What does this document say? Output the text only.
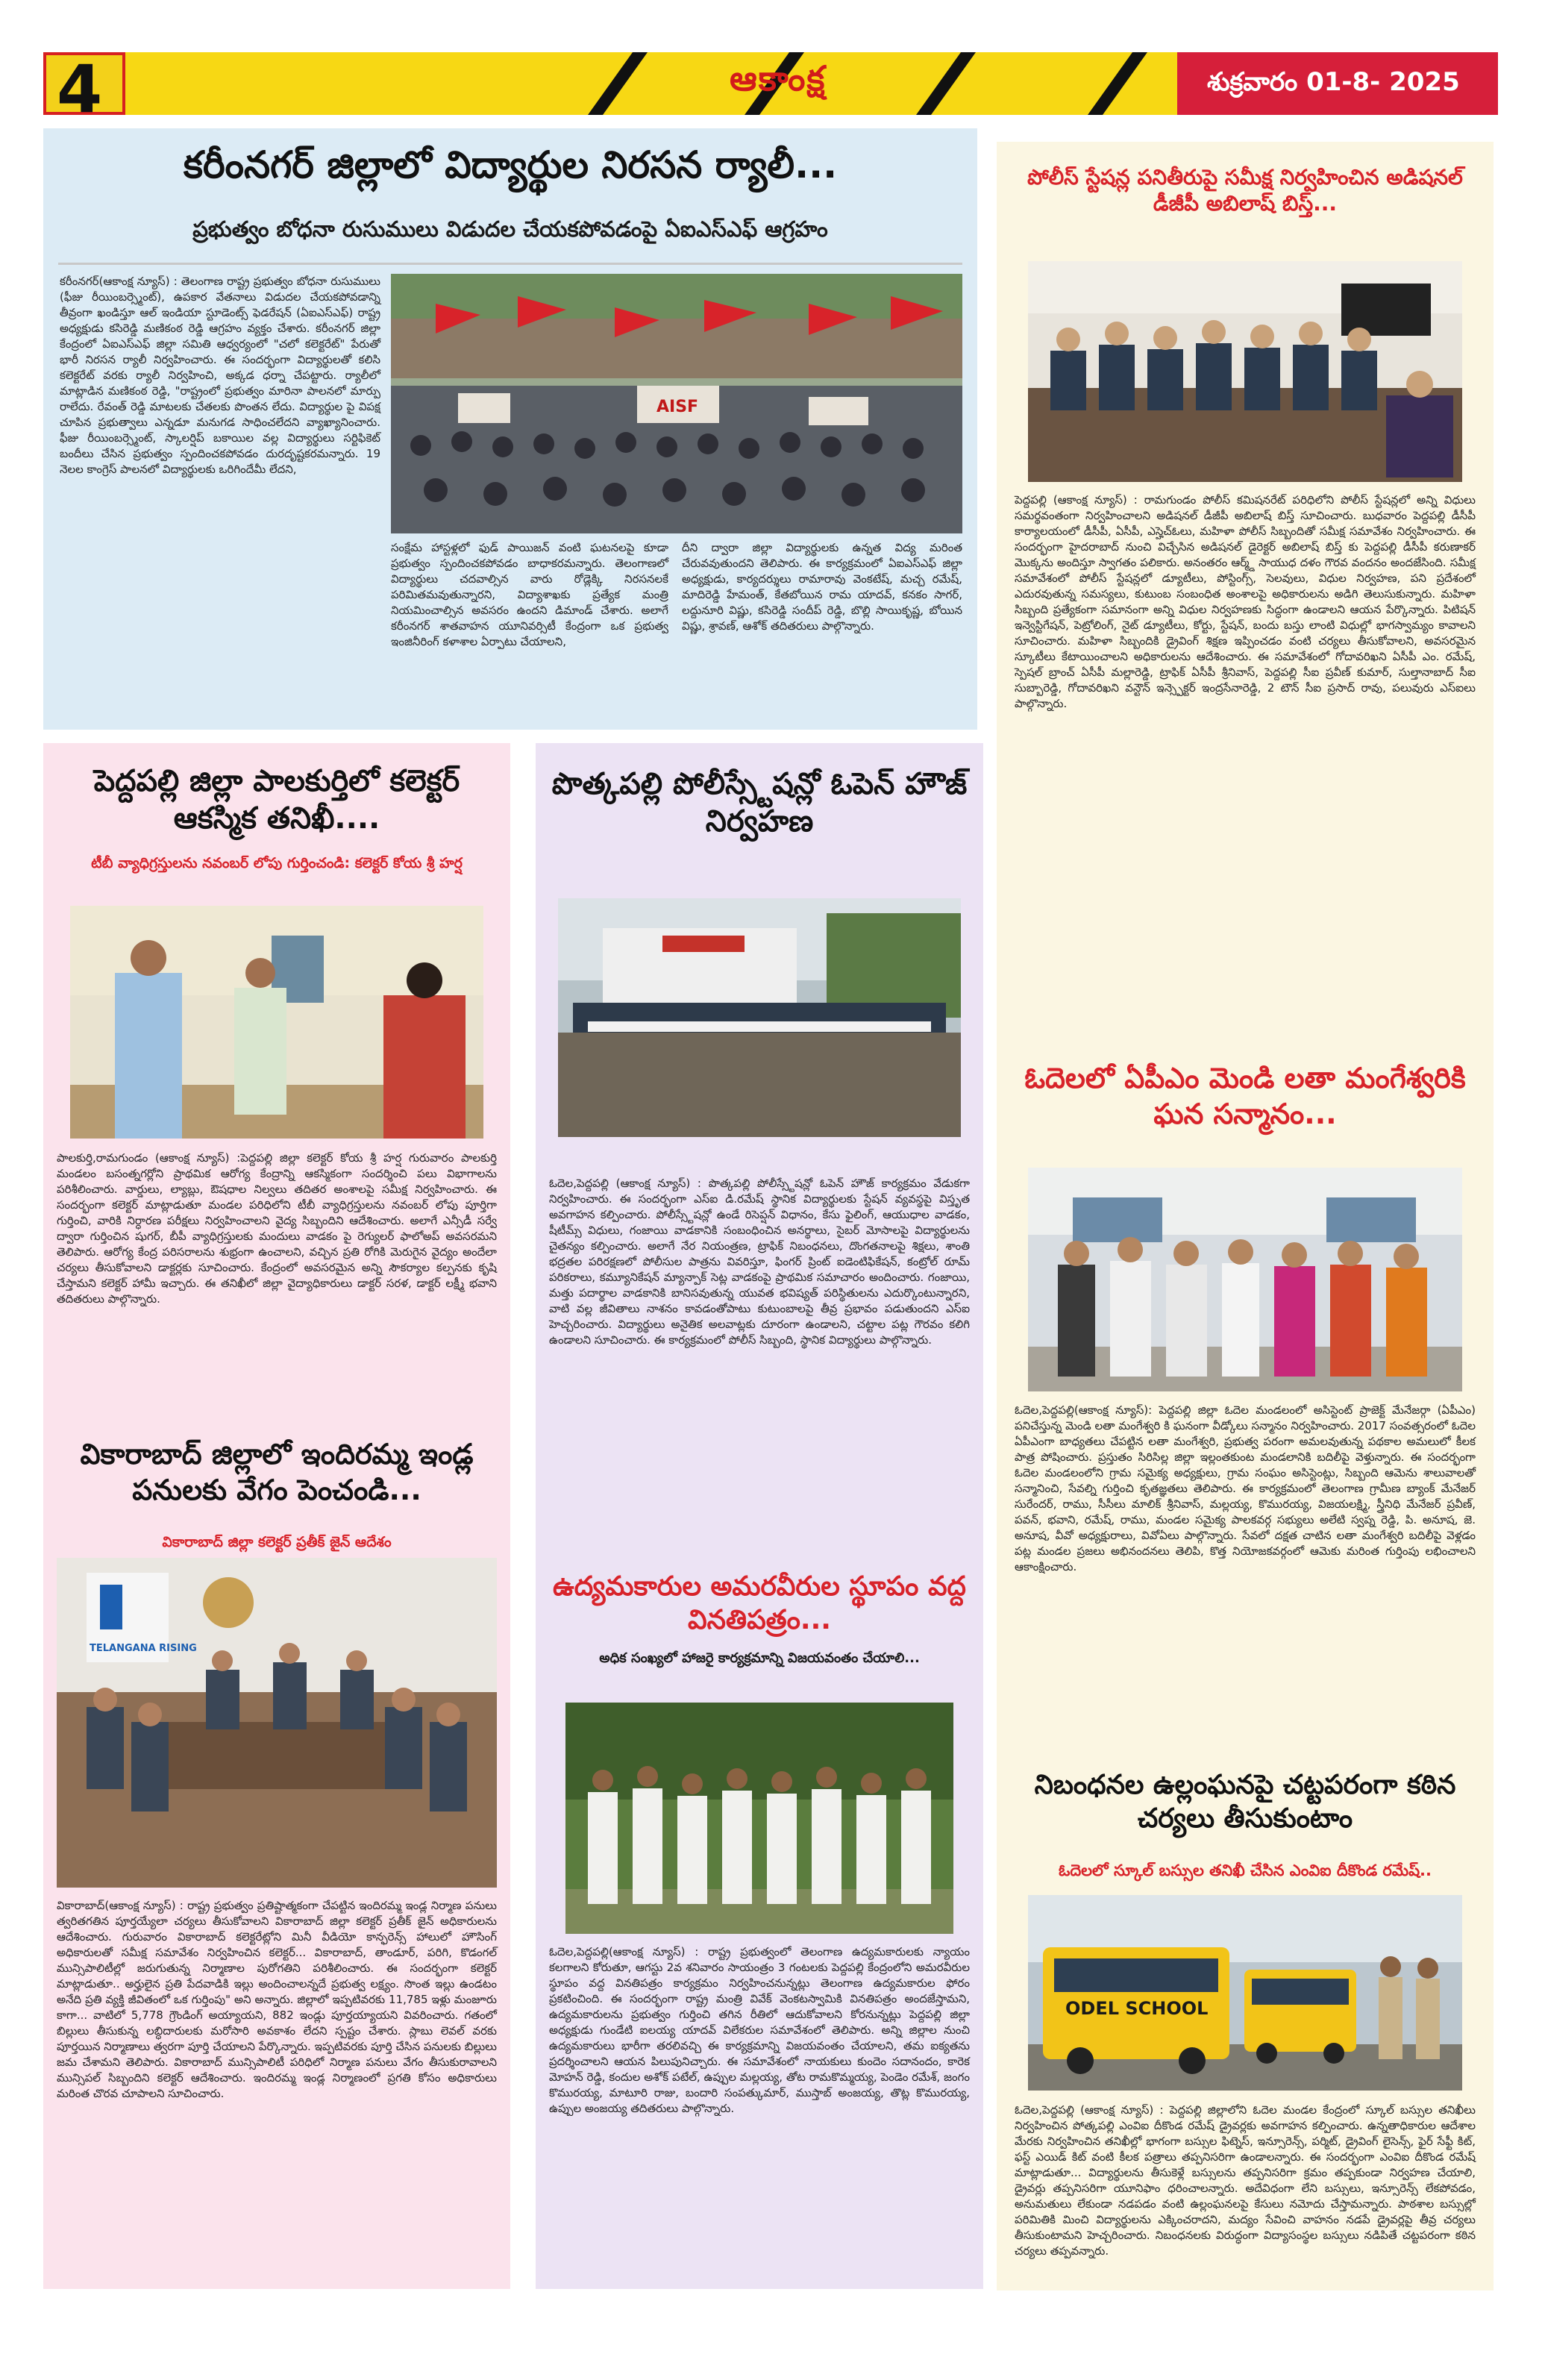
4	ఆకాంక్ష	శుక్రవారం 01-8- 2025
కరీంనగర్ జిల్లాలో విద్యార్థుల నిరసన ర్యాలీ...
ప్రభుత్వం బోధనా రుసుములు విడుదల చేయకపోవడంపై ఏఐఎస్ఎఫ్ ఆగ్రహం
కరీంనగర్(ఆకాంక్ష న్యూస్) : తెలంగాణ రాష్ట్ర ప్రభుత్వం బోధనా రుసుములు (ఫీజు రీయింబర్స్మెంట్), ఉపకార వేతనాలు విడుదల చేయకపోవడాన్ని తీవ్రంగా ఖండిస్తూ ఆల్ ఇండియా స్టూడెంట్స్ ఫెడరేషన్ (ఏఐఎస్ఎఫ్) రాష్ట్ర అధ్యక్షుడు కసిరెడ్డి మణికంఠ రెడ్డి ఆగ్రహం వ్యక్తం చేశారు. కరీంనగర్ జిల్లా కేంద్రంలో ఏఐఎస్ఎఫ్ జిల్లా సమితి ఆధ్వర్యంలో "చలో కలెక్టరేట్" పేరుతో భారీ నిరసన ర్యాలీ నిర్వహించారు. ఈ సందర్భంగా విద్యార్థులతో కలిసి కలెక్టరేట్ వరకు ర్యాలీ నిర్వహించి, అక్కడ ధర్నా చేపట్టారు. ర్యాలీలో మాట్లాడిన మణికంఠ రెడ్డి, "రాష్ట్రంలో ప్రభుత్వం మారినా పాలనలో మార్పు రాలేదు. రేవంత్ రెడ్డి మాటలకు చేతలకు పొంతన లేదు. విద్యార్థుల పై విపక్ష చూపిన ప్రభుత్వాలు ఎన్నడూ మనుగడ సాధించలేదని వ్యాఖ్యానించారు. ఫీజు రీయింబర్స్మెంట్, స్కాలర్షిప్ బకాయిల వల్ల విద్యార్థులు సర్టిఫికెట్ బందీలు చేసిన ప్రభుత్వం స్పందించకపోవడం దురదృష్టకరమన్నారు. 19 నెలల కాంగ్రెస్ పాలనలో విద్యార్థులకు ఒరిగిందేమీ లేదని,
AISF
సంక్షేమ హాస్టళ్లలో ఫుడ్ పాయిజన్ వంటి ఘటనలపై కూడా ప్రభుత్వం స్పందించకపోవడం బాధాకరమన్నారు. తెలంగాణలో విద్యార్థులు చదవాల్సిన వారు రోడ్లెక్కి నిరసనలకే పరిమితమవుతున్నారని, విద్యాశాఖకు ప్రత్యేక మంత్రి నియమించాల్సిన అవసరం ఉందని డిమాండ్ చేశారు. అలాగే కరీంనగర్ శాతవాహన యూనివర్సిటీ కేంద్రంగా ఒక ప్రభుత్వ ఇంజినీరింగ్ కళాశాల ఏర్పాటు చేయాలని,
దీని ద్వారా జిల్లా విద్యార్థులకు ఉన్నత విద్య మరింత చేరువవుతుందని తెలిపారు. ఈ కార్యక్రమంలో ఏఐఎస్ఎఫ్ జిల్లా అధ్యక్షుడు, కార్యదర్శులు రామారావు వెంకటేష్, మచ్చ రమేష్, మాదిరెడ్డి హేమంత్, కేతబోయిన రామ యాదవ్, కనకం సాగర్, లద్దునూరి విష్ణు, కసిరెడ్డి సందీప్ రెడ్డి, బొల్లి సాయికృష్ణ, బోయిన విష్ణు, శ్రావణ్, ఆశోక్ తదితరులు పాల్గొన్నారు.
పోలీస్ స్టేషన్ల పనితీరుపై సమీక్ష నిర్వహించిన అడిషనల్ డీజీపీ అబిలాష్ బిస్త్...
పెద్దపల్లి (ఆకాంక్ష న్యూస్) : రామగుండం పోలీస్ కమిషనరేట్ పరిధిలోని పోలీస్ స్టేషన్లలో అన్ని విధులు సమర్థవంతంగా నిర్వహించాలని అడిషనల్ డీజీపీ అబిలాష్ బిస్త్ సూచించారు. బుధవారం పెద్దపల్లి డీసీపీ కార్యాలయంలో డీసీపీ, ఏసీపీ, ఎస్హెచ్ఓలు, మహిళా పోలీస్ సిబ్బందితో సమీక్ష సమావేశం నిర్వహించారు. ఈ సందర్భంగా హైదరాబాద్ నుంచి విచ్చేసిన అడిషనల్ డైరెక్టర్ అబిలాష్ బిస్త్ కు పెద్దపల్లి డీసీపీ కరుణాకర్ మొక్కను అందిస్తూ స్వాగతం పలికారు. అనంతరం ఆర్మ్డ్ సాయుధ దళం గౌరవ వందనం అందజేసింది. సమీక్ష సమావేశంలో పోలీస్ స్టేషన్లలో డ్యూటీలు, పోస్టింగ్స్, సెలవులు, విధుల నిర్వహణ, పని ప్రదేశంలో ఎదురవుతున్న సమస్యలు, కుటుంబ సంబంధిత అంశాలపై అధికారులను అడిగి తెలుసుకున్నారు. మహిళా సిబ్బంది ప్రత్యేకంగా సమానంగా అన్ని విధుల నిర్వహణకు సిద్ధంగా ఉండాలని ఆయన పేర్కొన్నారు. పిటిషన్ ఇన్వెస్టిగేషన్, పెట్రోలింగ్, నైట్ డ్యూటీలు, కోర్టు, స్టేషన్, బందు బస్తు లాంటి విధుల్లో భాగస్వామ్యం కావాలని సూచించారు. మహిళా సిబ్బందికి డ్రైవింగ్ శిక్షణ ఇప్పించడం వంటి చర్యలు తీసుకోవాలని, అవసరమైన స్కూటీలు కేటాయించాలని అధికారులను ఆదేశించారు. ఈ సమావేశంలో గోదావరిఖని ఏసీపీ ఎం. రమేష్, స్పెషల్ బ్రాంచ్ ఏసీపీ మల్లారెడ్డి, ట్రాఫిక్ ఏసీపీ శ్రీనివాస్, పెద్దపల్లి సీఐ ప్రవీణ్ కుమార్, సుల్తానాబాద్ సీఐ సుబ్బారెడ్డి, గోదావరిఖని వన్టౌన్ ఇన్స్పెక్టర్ ఇంద్రసేనారెడ్డి, 2 టౌన్ సీఐ ప్రసాద్ రావు, పలువురు ఎస్ఐలు పాల్గొన్నారు.
ఓదెలలో ఏపీఎం మెండి లతా మంగేశ్వరికి ఘన సన్మానం...
ఓదెల,పెద్దపల్లి(ఆకాంక్ష న్యూస్): పెద్దపల్లి జిల్లా ఓదెల మండలంలో అసిస్టెంట్ ప్రాజెక్ట్ మేనేజర్గా (ఏపీఎం) పనిచేస్తున్న మెండి లతా మంగేశ్వరి కి ఘనంగా వీడ్కోలు సన్మానం నిర్వహించారు. 2017 సంవత్సరంలో ఓదెల ఏపీఎంగా బాధ్యతలు చేపట్టిన లతా మంగేశ్వరి, ప్రభుత్వ పరంగా అమలవుతున్న పథకాల అమలులో కీలక పాత్ర పోషించారు. ప్రస్తుతం సిరిసిల్ల జిల్లా ఇల్లంతకుంట మండలానికి బదిలీపై వెళ్తున్నారు. ఈ సందర్భంగా ఓదెల మండలంలోని గ్రామ సమైక్య అధ్యక్షులు, గ్రామ సంఘం అసిస్టెంట్లు, సిబ్బంది ఆమెను శాలువాలతో సన్మానించి, సేవల్ని గుర్తించి కృతజ్ఞతలు తెలిపారు. ఈ కార్యక్రమంలో తెలంగాణ గ్రామీణ బ్యాంక్ మేనేజర్ సురేందర్, రాము, సీసీలు మాలిక్ శ్రీనివాస్, మల్లయ్య, కొమురయ్య, విజయలక్ష్మి, స్త్రీనిధి మేనేజర్ ప్రవీణ్, పవన్, భవాని, రమేష్, రాము, మండల సమైక్య పాలకవర్గ సభ్యులు అలేటి స్వప్న రెడ్డి, పి. అనూష, జె. అనూష, వీవో అధ్యక్షురాలు, వివోఏలు పాల్గొన్నారు. సేవలో దక్షత చాటిన లతా మంగేశ్వరి బదిలీపై వెళ్లడం పట్ల మండల ప్రజలు అభినందనలు తెలిపి, కొత్త నియోజకవర్గంలో ఆమెకు మరింత గుర్తింపు లభించాలని ఆకాంక్షించారు.
నిబంధనల ఉల్లంఘనపై చట్టపరంగా కఠిన చర్యలు తీసుకుంటాం
ఓదెలలో స్కూల్ బస్సుల తనిఖీ చేసిన ఎంవిఐ దీకొండ రమేష్..
ODEL SCHOOL
ఓదెల,పెద్దపల్లి (ఆకాంక్ష న్యూస్) : పెద్దపల్లి జిల్లాలోని ఓదెల మండల కేంద్రంలో స్కూల్ బస్సుల తనిఖీలు నిర్వహించిన పోత్కపల్లి ఎంవిఐ దీకొండ రమేష్ డ్రైవర్లకు అవగాహన కల్పించారు. ఉన్నతాధికారుల ఆదేశాల మేరకు నిర్వహించిన తనిఖీల్లో భాగంగా బస్సుల ఫిట్నెస్, ఇన్సూరెన్స్, పర్మిట్, డ్రైవింగ్ లైసెన్స్, ఫైర్ సేఫ్టీ కిట్, ఫస్ట్ ఎయిడ్ కిట్ వంటి కీలక పత్రాలు తప్పనిసరిగా ఉండాలన్నారు. ఈ సందర్భంగా ఎంవిఐ దీకొండ రమేష్ మాట్లాడుతూ... విద్యార్థులను తీసుకెళ్లే బస్సులను తప్పనిసరిగా క్రమం తప్పకుండా నిర్వహణ చేయాలి, డ్రైవర్లు తప్పనిసరిగా యూనిఫాం ధరించాలన్నారు. అదేవిధంగా లేని బస్సులు, ఇన్సూరెన్స్ లేకపోవడం, అనుమతులు లేకుండా నడపడం వంటి ఉల్లంఘనలపై కేసులు నమోదు చేస్తామన్నారు. పాఠశాల బస్సుల్లో పరిమితికి మించి విద్యార్థులను ఎక్కించరాదని, మద్యం సేవించి వాహనం నడపే డ్రైవర్లపై తీవ్ర చర్యలు తీసుకుంటామని హెచ్చరించారు. నిబంధనలకు విరుద్ధంగా విద్యాసంస్థల బస్సులు నడిపితే చట్టపరంగా కఠిన చర్యలు తప్పవన్నారు.
పెద్దపల్లి జిల్లా పాలకుర్తిలో కలెక్టర్ ఆకస్మిక తనిఖీ....
టీబీ వ్యాధిగ్రస్తులను నవంబర్ లోపు గుర్తించండి: కలెక్టర్ కోయ శ్రీ హర్ష
పాలకుర్తి,రామగుండం (ఆకాంక్ష న్యూస్) :పెద్దపల్లి జిల్లా కలెక్టర్ కోయ శ్రీ హర్ష గురువారం పాలకుర్తి మండలం బసంత్నగర్లోని ప్రాథమిక ఆరోగ్య కేంద్రాన్ని ఆకస్మికంగా సందర్శించి పలు విభాగాలను పరిశీలించారు. వార్డులు, ల్యాబ్లు, ఔషధాల నిల్వలు తదితర అంశాలపై సమీక్ష నిర్వహించారు. ఈ సందర్భంగా కలెక్టర్ మాట్లాడుతూ మండల పరిధిలోని టీబీ వ్యాధిగ్రస్తులను నవంబర్ లోపు పూర్తిగా గుర్తించి, వారికి నిర్ధారణ పరీక్షలు నిర్వహించాలని వైద్య సిబ్బందిని ఆదేశించారు. అలాగే ఎన్సీడీ సర్వే ద్వారా గుర్తించిన షుగర్, బీపీ వ్యాధిగ్రస్తులకు మందులు వాడకం పై రెగ్యులర్ ఫాలోఅప్ అవసరమని తెలిపారు. ఆరోగ్య కేంద్ర పరిసరాలను శుభ్రంగా ఉంచాలని, వచ్చిన ప్రతి రోగికి మెరుగైన వైద్యం అందేలా చర్యలు తీసుకోవాలని డాక్టర్లకు సూచించారు. కేంద్రంలో అవసరమైన అన్ని సౌకర్యాల కల్పనకు కృషి చేస్తామని కలెక్టర్ హామీ ఇచ్చారు. ఈ తనిఖీలో జిల్లా వైద్యాధికారులు డాక్టర్ సరళ, డాక్టర్ లక్ష్మీ భవాని తదితరులు పాల్గొన్నారు.
వికారాబాద్ జిల్లాలో ఇందిరమ్మ ఇండ్ల పనులకు వేగం పెంచండి...
వికారాబాద్ జిల్లా కలెక్టర్ ప్రతీక్ జైన్ ఆదేశం
TELANGANA RISING
వికారాబాద్(ఆకాంక్ష న్యూస్) : రాష్ట్ర ప్రభుత్వం ప్రతిష్టాత్మకంగా చేపట్టిన ఇందిరమ్మ ఇండ్ల నిర్మాణ పనులు త్వరితగతిన పూర్తయ్యేలా చర్యలు తీసుకోవాలని వికారాబాద్ జిల్లా కలెక్టర్ ప్రతీక్ జైన్ అధికారులను ఆదేశించారు. గురువారం వికారాబాద్ కలెక్టరేట్లోని మినీ వీడియో కాన్ఫరెన్స్ హాలులో హౌసింగ్ అధికారులతో సమీక్ష సమావేశం నిర్వహించిన కలెక్టర్... వికారాబాద్, తాండూర్, పరిగి, కొడంగల్ మున్సిపాలిటీల్లో జరుగుతున్న నిర్మాణాల పురోగతిని పరిశీలించారు. ఈ సందర్భంగా కలెక్టర్ మాట్లాడుతూ.. అర్హులైన ప్రతి పేదవాడికి ఇల్లు అందించాలన్నదే ప్రభుత్వ లక్ష్యం. సొంత ఇల్లు ఉండటం అనేది ప్రతి వ్యక్తి జీవితంలో ఒక గుర్తింపు" అని అన్నారు. జిల్లాలో ఇప్పటివరకు 11,785 ఇళ్లు మంజూరు కాగా... వాటిలో 5,778 గ్రౌండింగ్ అయ్యాయని, 882 ఇండ్లు పూర్తయ్యాయని వివరించారు. గతంలో బిల్లులు తీసుకున్న లబ్ధిదారులకు మరోసారి అవకాశం లేదని స్పష్టం చేశారు. స్లాబు లెవల్ వరకు పూర్తయిన నిర్మాణాలు త్వరగా పూర్తి చేయాలని పేర్కొన్నారు. ఇప్పటివరకు పూర్తి చేసిన పనులకు బిల్లులు జమ చేశామని తెలిపారు. వికారాబాద్ మున్సిపాలిటీ పరిధిలో నిర్మాణ పనులు వేగం తీసుకురావాలని మున్సిపల్ సిబ్బందిని కలెక్టర్ ఆదేశించారు. ఇందిరమ్మ ఇండ్ల నిర్మాణంలో ప్రగతి కోసం అధికారులు మరింత చొరవ చూపాలని సూచించారు.
పొత్కపల్లి పోలీస్స్టేషన్లో ఓపెన్ హౌజ్ నిర్వహణ
ఓదెల,పెద్దపల్లి (ఆకాంక్ష న్యూస్) : పొత్కపల్లి పోలీస్స్టేషన్లో ఓపెన్ హౌజ్ కార్యక్రమం వేడుకగా నిర్వహించారు. ఈ సందర్భంగా ఎస్ఐ డి.రమేష్ స్థానిక విద్యార్థులకు స్టేషన్ వ్యవస్థపై విస్తృత అవగాహన కల్పించారు. పోలీస్స్టేషన్లో ఉండే రిసెప్షన్ విధానం, కేసు ఫైలింగ్, ఆయుధాల వాడకం, షీటీమ్స్ విధులు, గంజాయి వాడకానికి సంబంధించిన అనర్థాలు, సైబర్ మోసాలపై విద్యార్థులను చైతన్యం కల్పించారు. అలాగే నేర నియంత్రణ, ట్రాఫిక్ నిబంధనలు, దొంగతనాలపై శిక్షలు, శాంతి భద్రతల పరిరక్షణలో పోలీసుల పాత్రను వివరిస్తూ, ఫింగర్ ప్రింట్ ఐడెంటిఫికేషన్, కంట్రోల్ రూమ్ పరికరాలు, కమ్యూనికేషన్ మ్యాన్పాక్ సెట్ల వాడకంపై ప్రాథమిక సమాచారం అందించారు. గంజాయి, మత్తు పదార్థాల వాడకానికి బానిసవుతున్న యువత భవిష్యత్ పరిస్థితులను ఎదుర్కొంటున్నారని, వాటి వల్ల జీవితాలు నాశనం కావడంతోపాటు కుటుంబాలపై తీవ్ర ప్రభావం పడుతుందని ఎస్ఐ హెచ్చరించారు. విద్యార్థులు అనైతిక అలవాట్లకు దూరంగా ఉండాలని, చట్టాల పట్ల గౌరవం కలిగి ఉండాలని సూచించారు. ఈ కార్యక్రమంలో పోలీస్ సిబ్బంది, స్థానిక విద్యార్థులు పాల్గొన్నారు.
ఉద్యమకారుల అమరవీరుల స్థూపం వద్ద వినతిపత్రం...
అధిక సంఖ్యలో హాజరై కార్యక్రమాన్ని విజయవంతం చేయాలి...
ఓదెల,పెద్దపల్లి(ఆకాంక్ష న్యూస్) : రాష్ట్ర ప్రభుత్వంలో తెలంగాణ ఉద్యమకారులకు న్యాయం కలగాలని కోరుతూ, ఆగస్టు 2వ శనివారం సాయంత్రం 3 గంటలకు పెద్దపల్లి కేంద్రంలోని అమరవీరుల స్థూపం వద్ద వినతిపత్రం కార్యక్రమం నిర్వహించనున్నట్లు తెలంగాణ ఉద్యమకారుల ఫోరం ప్రకటించింది. ఈ సందర్భంగా రాష్ట్ర మంత్రి వివేక్ వెంకటస్వామికి వినతిపత్రం అందజేస్తామని, ఉద్యమకారులను ప్రభుత్వం గుర్తించి తగిన రీతిలో ఆదుకోవాలని కోరనున్నట్లు పెద్దపల్లి జిల్లా అధ్యక్షుడు గుండేటి ఐలయ్య యాదవ్ విలేకరుల సమావేశంలో తెలిపారు. అన్ని జిల్లాల నుంచి ఉద్యమకారులు భారీగా తరలివచ్చి ఈ కార్యక్రమాన్ని విజయవంతం చేయాలని, తమ ఐక్యతను ప్రదర్శించాలని ఆయన పిలుపునిచ్చారు. ఈ సమావేశంలో నాయకులు కుందెం సదానందం, కారెక మోహన్ రెడ్డి, కందుల అశోక్ పటేల్, ఉప్పుల మల్లయ్య, తోట రామకొమ్మయ్య, పెండెం రమేశ్, జంగం కొమురయ్య, మాటూరి రాజు, బందారి సంపత్కుమార్, ముస్తాబ్ అంజయ్య, తొట్ల కొమురయ్య, ఉప్పుల అంజయ్య తదితరులు పాల్గొన్నారు.
